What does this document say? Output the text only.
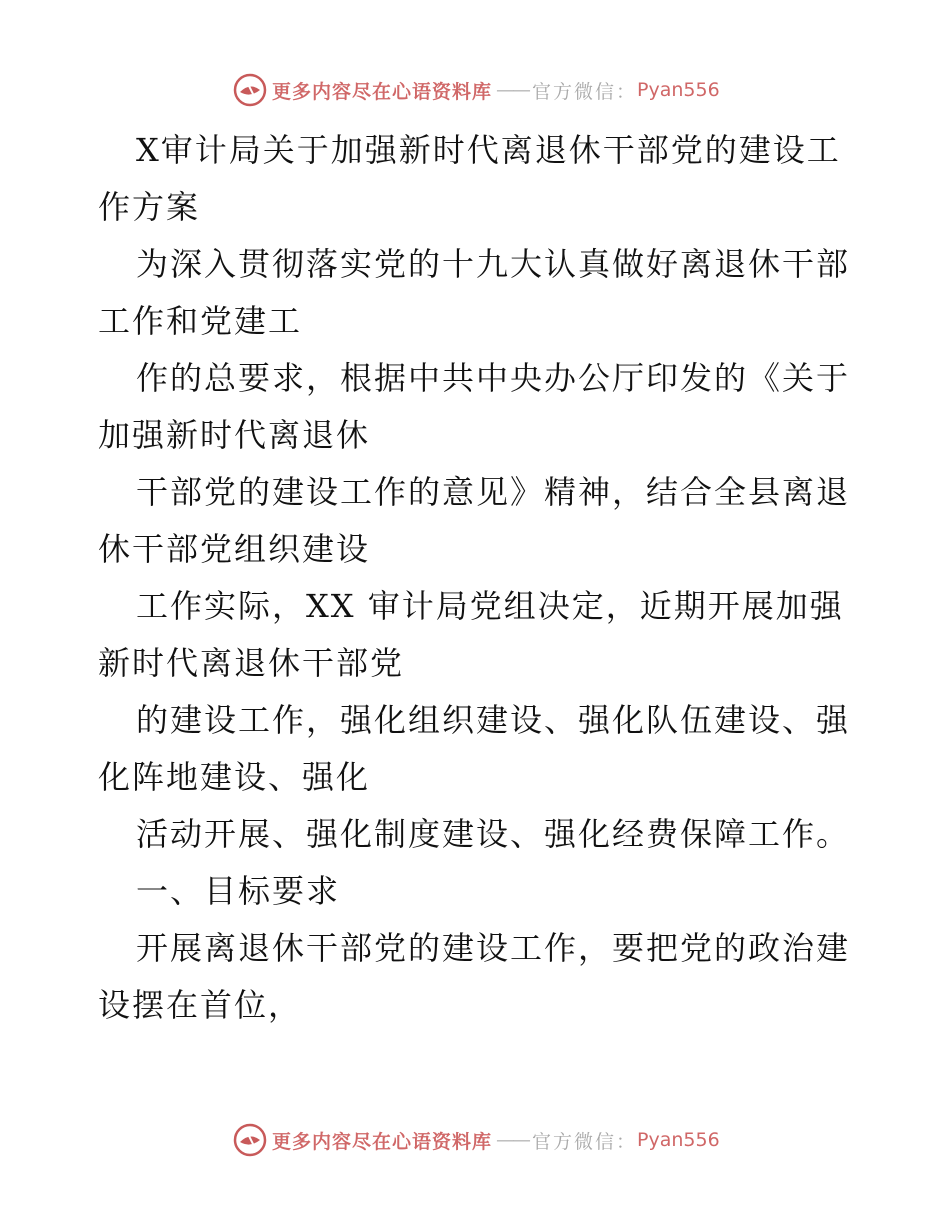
更多内容尽在心语资料库 —— 官方微信： Pyan556

X审计局关于加强新时代离退休干部党的建设工
作方案

为深入贯彻落实党的十九大认真做好离退休干部
工作和党建工

作的总要求，根据中共中央办公厅印发的《关于
加强新时代离退休

干部党的建设工作的意见》精神，结合全县离退
休干部党组织建设

工作实际，XX 审计局党组决定，近期开展加强
新时代离退休干部党

的建设工作，强化组织建设、强化队伍建设、强
化阵地建设、强化

活动开展、强化制度建设、强化经费保障工作。

一、目标要求

开展离退休干部党的建设工作，要把党的政治建
设摆在首位，

更多内容尽在心语资料库 —— 官方微信： Pyan556
